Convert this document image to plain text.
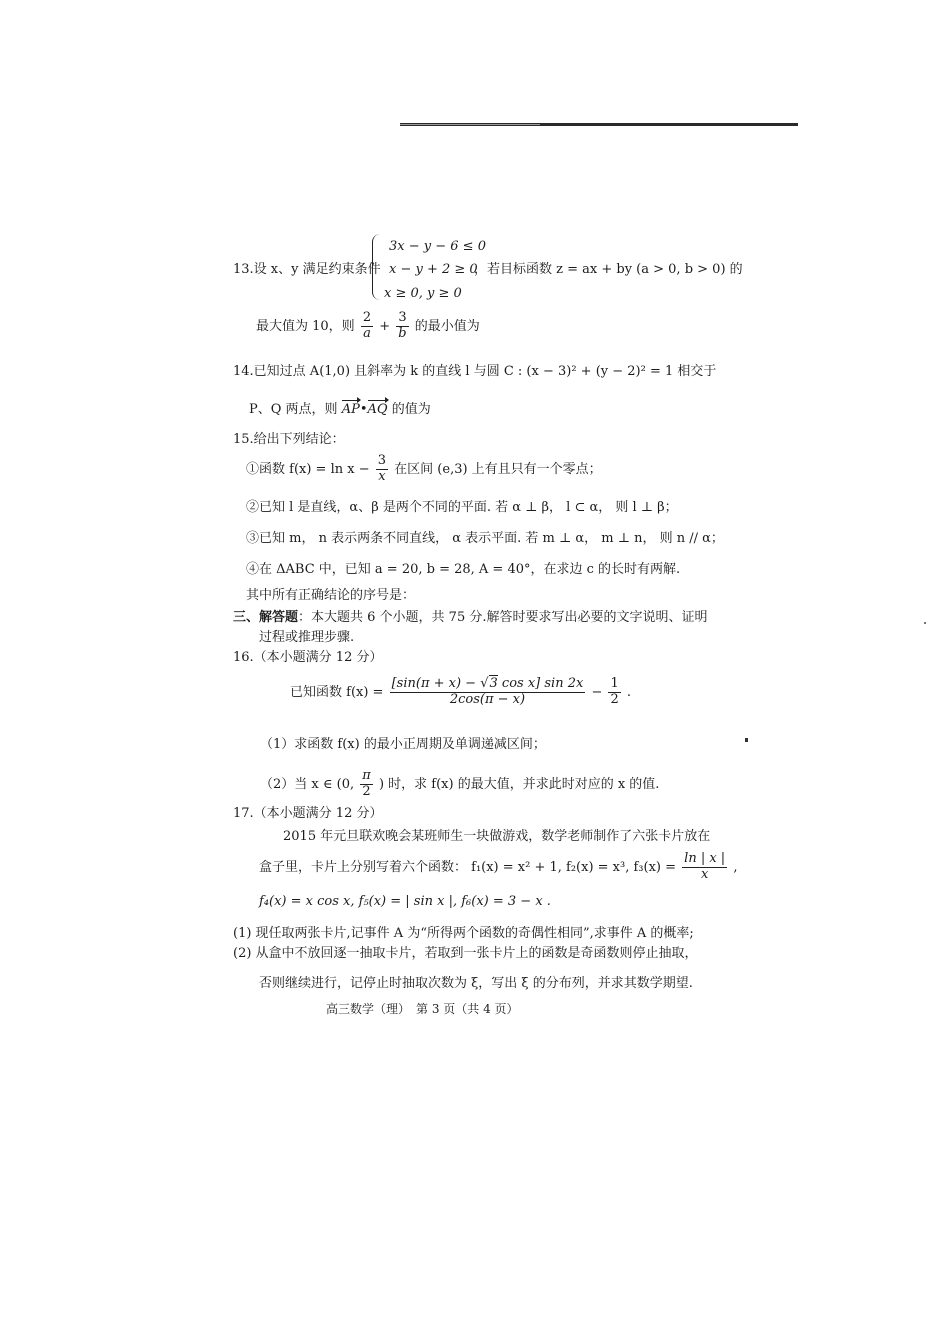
13.设 x、y 满足约束条件
3x − y − 6 ≤ 0
x − y + 2 ≥ 0
x ≥ 0, y ≥ 0
，若目标函数 z = ax + by (a > 0, b > 0) 的
最大值为 10，则 $\frac{2}{a} + \frac{3}{b}$ 的最小值为
14.已知过点 A(1,0) 且斜率为 k 的直线 l 与圆 C : (x − 3)² + (y − 2)² = 1 相交于
P、Q 两点，则 AP•AQ 的值为
15.给出下列结论：
①函数 $f(x) = \ln x - \frac{3}{x}$ 在区间 (e,3) 上有且只有一个零点；
②已知 l 是直线，α、β 是两个不同的平面. 若 α ⊥ β， l ⊂ α， 则 l ⊥ β；
③已知 m， n 表示两条不同直线， α 表示平面. 若 m ⊥ α， m ⊥ n， 则 n // α；
④在 ΔABC 中，已知 a = 20, b = 28, A = 40°，在求边 c 的长时有两解.
其中所有正确结论的序号是：
三、解答题：本大题共 6 个小题，共 75 分.解答时要求写出必要的文字说明、证明
过程或推理步骤.
16.（本小题满分 12 分）
已知函数 $f(x) = \frac{\text{[sin(π + x) − √3 cos x] sin 2x}}{2\cos(\pi - x)} - \frac{1}{2}$ .
（1）求函数 f(x) 的最小正周期及单调递减区间；
（2）当 x ∈ (0, $\frac{\pi}{2}$ ) 时，求 f(x) 的最大值，并求此时对应的 x 的值.
17.（本小题满分 12 分）
2015 年元旦联欢晚会某班师生一块做游戏，数学老师制作了六张卡片放在
盒子里，卡片上分别写着六个函数： f₁(x) = x² + 1, f₂(x) = x³, $f_3(x) = \frac{\ln | x |}{x}$ ,
f₄(x) = x cos x, f₅(x) = | sin x |, f₆(x) = 3 − x .
(1) 现任取两张卡片,记事件 A 为“所得两个函数的奇偶性相同”,求事件 A 的概率;
(2) 从盒中不放回逐一抽取卡片，若取到一张卡片上的函数是奇函数则停止抽取，
否则继续进行，记停止时抽取次数为 ξ，写出 ξ 的分布列，并求其数学期望.
高三数学（理）　第 3 页（共 4 页）
